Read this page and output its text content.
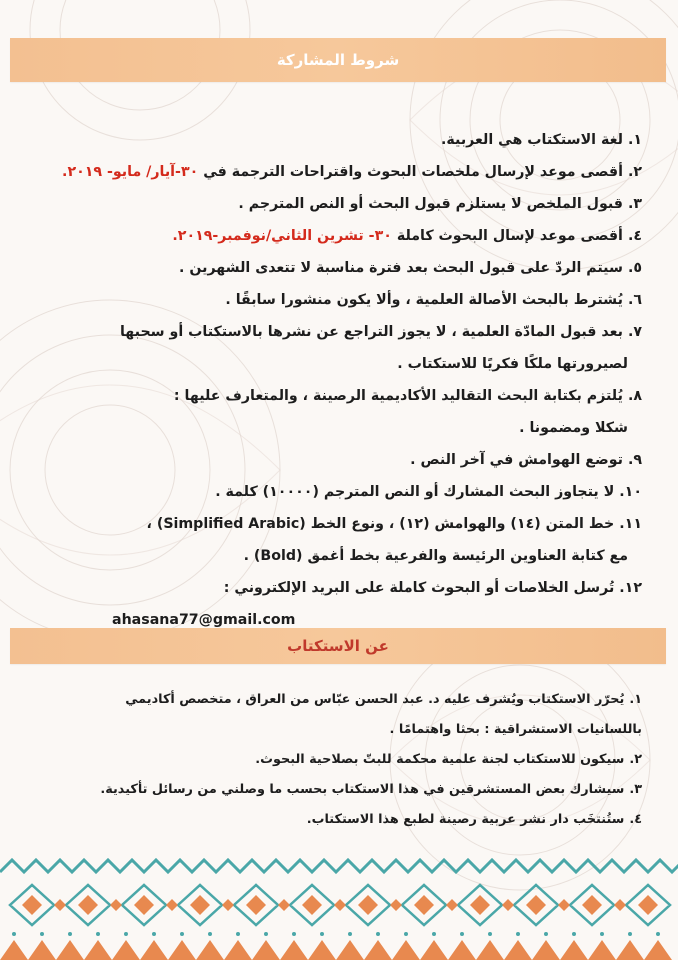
شروط المشاركة
١.لغة الاستكتاب هي العربية.
٢.أقصى موعد لإرسال ملخصات البحوث واقتراحات الترجمة في ٣٠-آيار/ مايو- ٢٠١٩.
٣.قبول الملخص لا يستلزم قبول البحث أو النص المترجم .
٤.أقصى موعد لإسال البحوث كاملة ٣٠- تشرين الثاني/نوفمبر-٢٠١٩.
٥.سيتم الردّ على قبول البحث بعد فترة مناسبة لا تتعدى الشهرين .
٦.يُشترط بالبحث الأصالة العلمية ، وألا يكون منشورا سابقًا .
٧.بعد قبول المادّة العلمية ، لا يجوز التراجع عن نشرها بالاستكتاب أو سحبها
لصيرورتها ملكًا فكريًا للاستكتاب .
٨.يُلتزم بكتابة البحث التقاليد الأكاديمية الرصينة ، والمتعارف عليها :
شكلا ومضمونا .
٩.توضع الهوامش في آخر النص .
١٠.لا يتجاوز البحث المشارك أو النص المترجم (١٠٠٠٠) كلمة .
١١.خط المتن (١٤) والهوامش (١٢) ، ونوع الخط (Simplified Arabic) ،
مع كتابة العناوين الرئيسة والفرعية بخط أغمق (Bold) .
١٢.تُرسل الخلاصات أو البحوث كاملة على البريد الإلكتروني :
ahasana77@gmail.com
عن الاستكتاب
١.يُحرّر الاستكتاب ويُشرف عليه د. عبد الحسن عبّاس من العراق ، متخصص أكاديمي
باللسانيات الاستشراقية : بحثا واهتمامًا .
٢.سيكون للاستكتاب لجنة علمية محكمة للبتّ بصلاحية البحوث.
٣.سيشارك بعض المستشرقين في هذا الاستكتاب بحسب ما وصلني من رسائل تأكيدية.
٤.ستُنتخَب دار نشر عربية رصينة لطبع هذا الاستكتاب.
